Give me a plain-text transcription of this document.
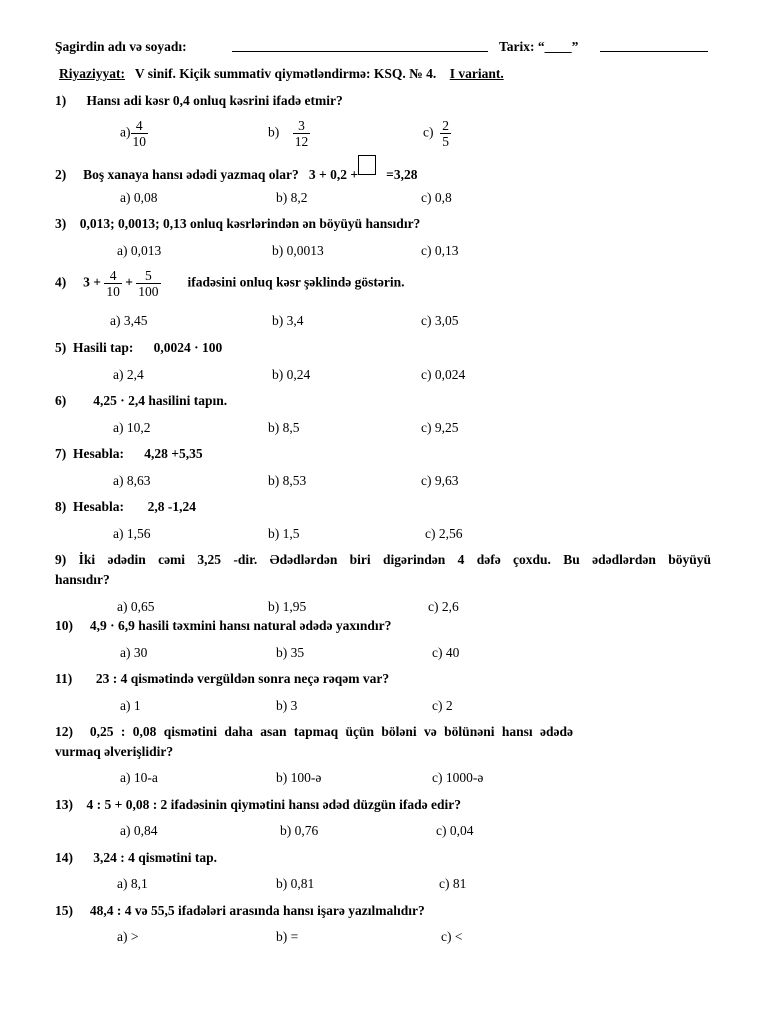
Şagirdin adı və soyadı:	Tarix: “____”
Riyaziyyat: V sinif. Kiçik summativ qiymətləndirmə: KSQ. № 4. I variant.
1) Hansı adi kəsr 0,4 onluq kəsrini ifadə etmir?
$a) \frac{4}{10}$	$b) \frac{3}{12}$	$c) \frac{2}{5}$
2) Boş xanaya hansı ədədi yazmaq olar? 3 + 0,2 + =3,28
a) 0,08	b) 8,2	c) 0,8
3) 0,013; 0,0013; 0,13 onluq kəsrlərindən ən böyüyü hansıdır?
a) 0,013	b) 0,0013	c) 0,13
4) $3 + \frac{4}{10} + \frac{5}{100}$ ifadəsini onluq kəsr şəklində göstərin.
a) 3,45	b) 3,4	c) 3,05
5) Hasili tap: 0,0024 · 100
a) 2,4	b) 0,24	c) 0,024
6) 4,25 · 2,4 hasilini tapın.
a) 10,2	b) 8,5	c) 9,25
7) Hesabla: 4,28 +5,35
a) 8,63	b) 8,53	c) 9,63
8) Hesabla: 2,8 -1,24
a) 1,56	b) 1,5	c) 2,56
9) İki ədədin cəmi 3,25 -dir. Ədədlərdən biri digərindən 4 dəfə çoxdu. Bu ədədlərdən böyüyü
hansıdır?
a) 0,65	b) 1,95	c) 2,6
10) 4,9 · 6,9 hasili təxmini hansı natural ədədə yaxındır?
a) 30	b) 35	c) 40
11) 23 : 4 qismətində vergüldən sonra neçə rəqəm var?
a) 1	b) 3	c) 2
12) 0,25 : 0,08 qismətini daha asan tapmaq üçün böləni və bölünəni hansı ədədə
vurmaq əlverişlidir?
a) 10-a	b) 100-ə	c) 1000-ə
13) 4 : 5 + 0,08 : 2 ifadəsinin qiymətini hansı ədəd düzgün ifadə edir?
a) 0,84	b) 0,76	c) 0,04
14) 3,24 : 4 qismətini tap.
a) 8,1	b) 0,81	c) 81
15) 48,4 : 4 və 55,5 ifadələri arasında hansı işarə yazılmalıdır?
a) >	b) =	c) <
